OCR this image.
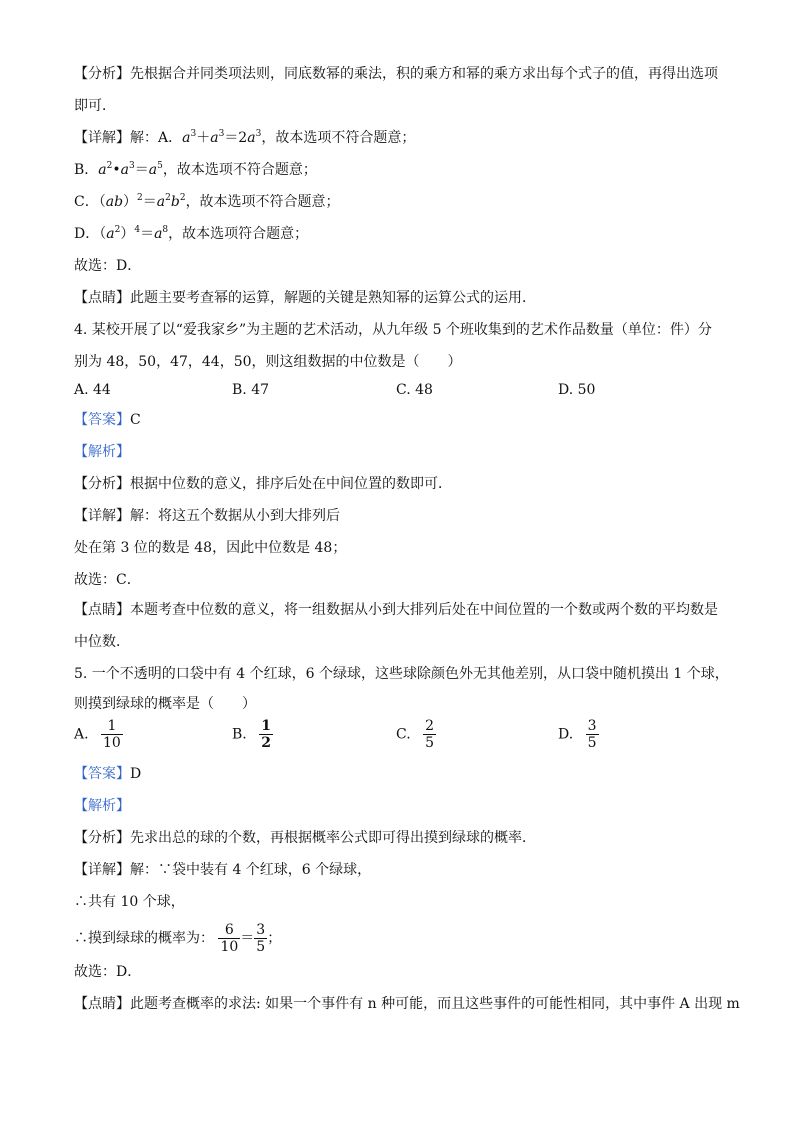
【分析】先根据合并同类项法则，同底数幂的乘法，积的乘方和幂的乘方求出每个式子的值，再得出选项
即可．
【详解】解：A．$a^3+a^3=2a^3$，故本选项不符合题意；
B．$a^2•a^3=a^5$，故本选项不符合题意；
C．$(ab)^2=a^2b^2$，故本选项不符合题意；
D．$(a^2)^4=a^8$，故本选项符合题意；
故选：D．
【点睛】此题主要考查幂的运算，解题的关键是熟知幂的运算公式的运用．
4. 某校开展了以“爱我家乡”为主题的艺术活动，从九年级 5 个班收集到的艺术作品数量（单位：件）分
别为 48，50，47，44，50，则这组数据的中位数是（　　）
A. 44	B. 47	C. 48	D. 50
【答案】C
【解析】
【分析】根据中位数的意义，排序后处在中间位置的数即可．
【详解】解：将这五个数据从小到大排列后
处在第 3 位的数是 48，因此中位数是 48；
故选：C．
【点睛】本题考查中位数的意义，将一组数据从小到大排列后处在中间位置的一个数或两个数的平均数是
中位数．
5. 一个不透明的口袋中有 4 个红球，6 个绿球，这些球除颜色外无其他差别，从口袋中随机摸出 1 个球，
则摸到绿球的概率是（　　）
A. $\frac{1}{10}$	B. $\frac{1}{2}$	C. $\frac{2}{5}$	D. $\frac{3}{5}$
【答案】D
【解析】
【分析】先求出总的球的个数，再根据概率公式即可得出摸到绿球的概率．
【详解】解：∵袋中装有 4 个红球，6 个绿球，
∴共有 10 个球，
∴摸到绿球的概率为： $\frac{6}{10} = \frac{3}{5}$ ；
故选：D．
【点睛】此题考查概率的求法: 如果一个事件有 n 种可能，而且这些事件的可能性相同，其中事件 A 出现 m
